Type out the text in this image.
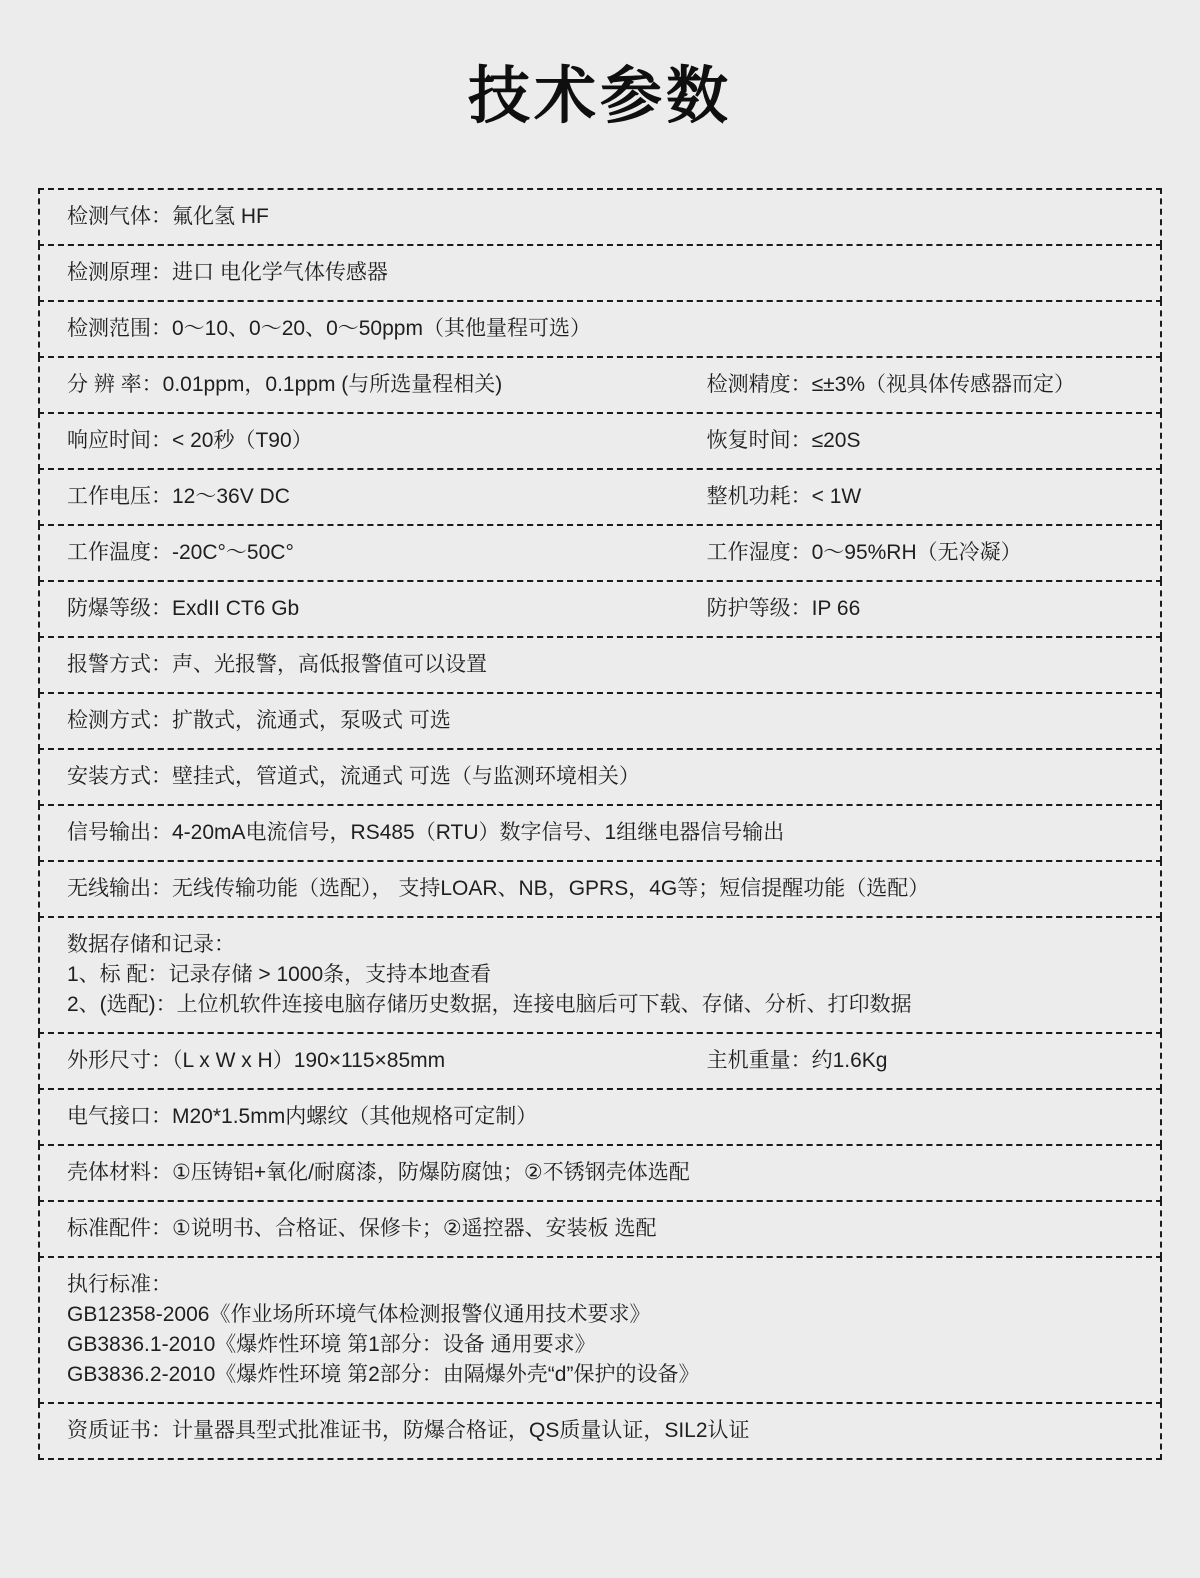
技术参数
检测气体：氟化氢 HF
检测原理：进口 电化学气体传感器
检测范围：0～10、0～20、0～50ppm（其他量程可选）
分 辨 率：0.01ppm，0.1ppm (与所选量程相关)	检测精度：≤±3%（视具体传感器而定）
响应时间：< 20秒（T90）	恢复时间：≤20S
工作电压：12～36V DC	整机功耗：< 1W
工作温度：-20C°～50C°	工作湿度：0～95%RH（无冷凝）
防爆等级：ExdII CT6 Gb	防护等级：IP 66
报警方式：声、光报警，高低报警值可以设置
检测方式：扩散式，流通式，泵吸式 可选
安装方式：壁挂式，管道式，流通式 可选（与监测环境相关）
信号输出：4-20mA电流信号，RS485（RTU）数字信号、1组继电器信号输出
无线输出：无线传输功能（选配）， 支持LOAR、NB，GPRS，4G等；短信提醒功能（选配）
数据存储和记录：
1、标 配：记录存储 > 1000条，支持本地查看
2、(选配)：上位机软件连接电脑存储历史数据，连接电脑后可下载、存储、分析、打印数据
外形尺寸：（L x W x H）190×115×85mm	主机重量：约1.6Kg
电气接口：M20*1.5mm内螺纹（其他规格可定制）
壳体材料：①压铸铝+氧化/耐腐漆，防爆防腐蚀；②不锈钢壳体选配
标准配件：①说明书、合格证、保修卡；②遥控器、安装板 选配
执行标准：
GB12358-2006《作业场所环境气体检测报警仪通用技术要求》
GB3836.1-2010《爆炸性环境 第1部分：设备 通用要求》
GB3836.2-2010《爆炸性环境 第2部分：由隔爆外壳“d”保护的设备》
资质证书：计量器具型式批准证书，防爆合格证，QS质量认证，SIL2认证
